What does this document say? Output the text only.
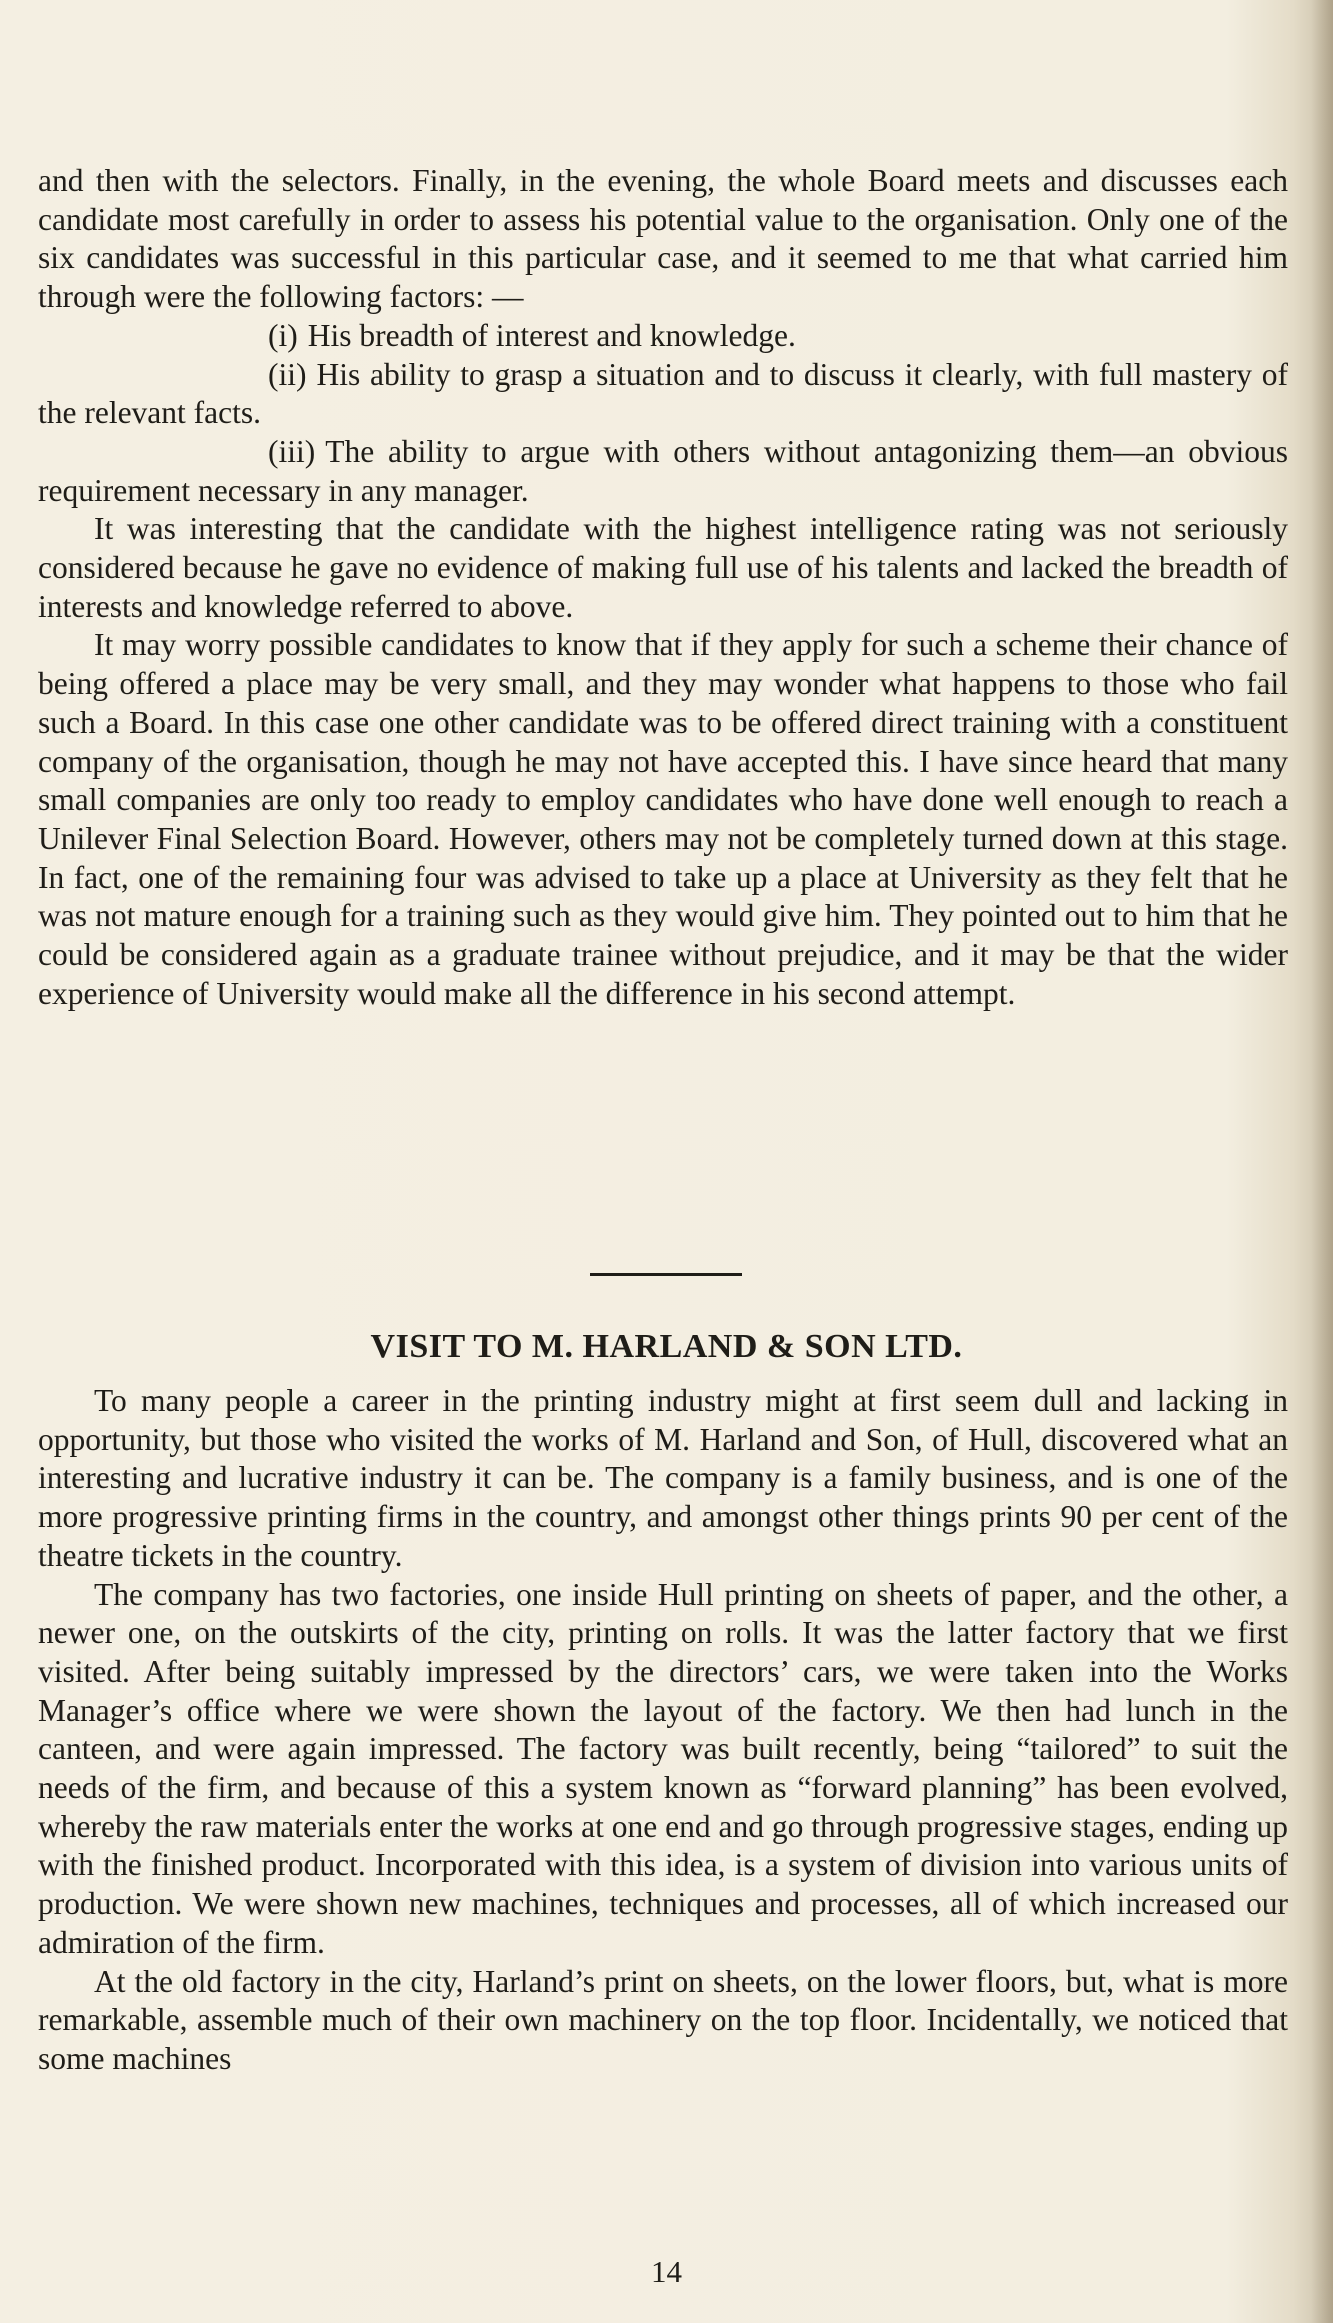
and then with the selectors. Finally, in the evening, the whole Board meets and discusses each candidate most carefully in order to assess his potential value to the organisation. Only one of the six candidates was successful in this particular case, and it seemed to me that what carried him through were the following factors: —

(i) His breadth of interest and knowledge.

(ii) His ability to grasp a situation and to discuss it clearly, with full mastery of the relevant facts.

(iii) The ability to argue with others without antagonizing them—an obvious requirement necessary in any manager.

It was interesting that the candidate with the highest intelligence rating was not seriously considered because he gave no evidence of making full use of his talents and lacked the breadth of interests and knowledge referred to above.

It may worry possible candidates to know that if they apply for such a scheme their chance of being offered a place may be very small, and they may wonder what happens to those who fail such a Board. In this case one other candidate was to be offered direct training with a constituent company of the organisation, though he may not have accepted this. I have since heard that many small companies are only too ready to employ candidates who have done well enough to reach a Unilever Final Selection Board. However, others may not be completely turned down at this stage. In fact, one of the remaining four was advised to take up a place at University as they felt that he was not mature enough for a training such as they would give him. They pointed out to him that he could be considered again as a graduate trainee without prejudice, and it may be that the wider experience of University would make all the difference in his second attempt.

VISIT TO M. HARLAND & SON LTD.

To many people a career in the printing industry might at first seem dull and lacking in opportunity, but those who visited the works of M. Harland and Son, of Hull, discovered what an interesting and lucrative industry it can be. The company is a family business, and is one of the more progressive printing firms in the country, and amongst other things prints 90 per cent of the theatre tickets in the country.

The company has two factories, one inside Hull printing on sheets of paper, and the other, a newer one, on the outskirts of the city, printing on rolls. It was the latter factory that we first visited. After being suitably impressed by the directors’ cars, we were taken into the Works Manager’s office where we were shown the layout of the factory. We then had lunch in the canteen, and were again impressed. The factory was built recently, being “tailored” to suit the needs of the firm, and because of this a system known as “forward planning” has been evolved, whereby the raw materials enter the works at one end and go through progressive stages, ending up with the finished product. Incorporated with this idea, is a system of division into various units of production. We were shown new machines, techniques and processes, all of which increased our admiration of the firm.

At the old factory in the city, Harland’s print on sheets, on the lower floors, but, what is more remarkable, assemble much of their own machinery on the top floor. Incidentally, we noticed that some machines

14
